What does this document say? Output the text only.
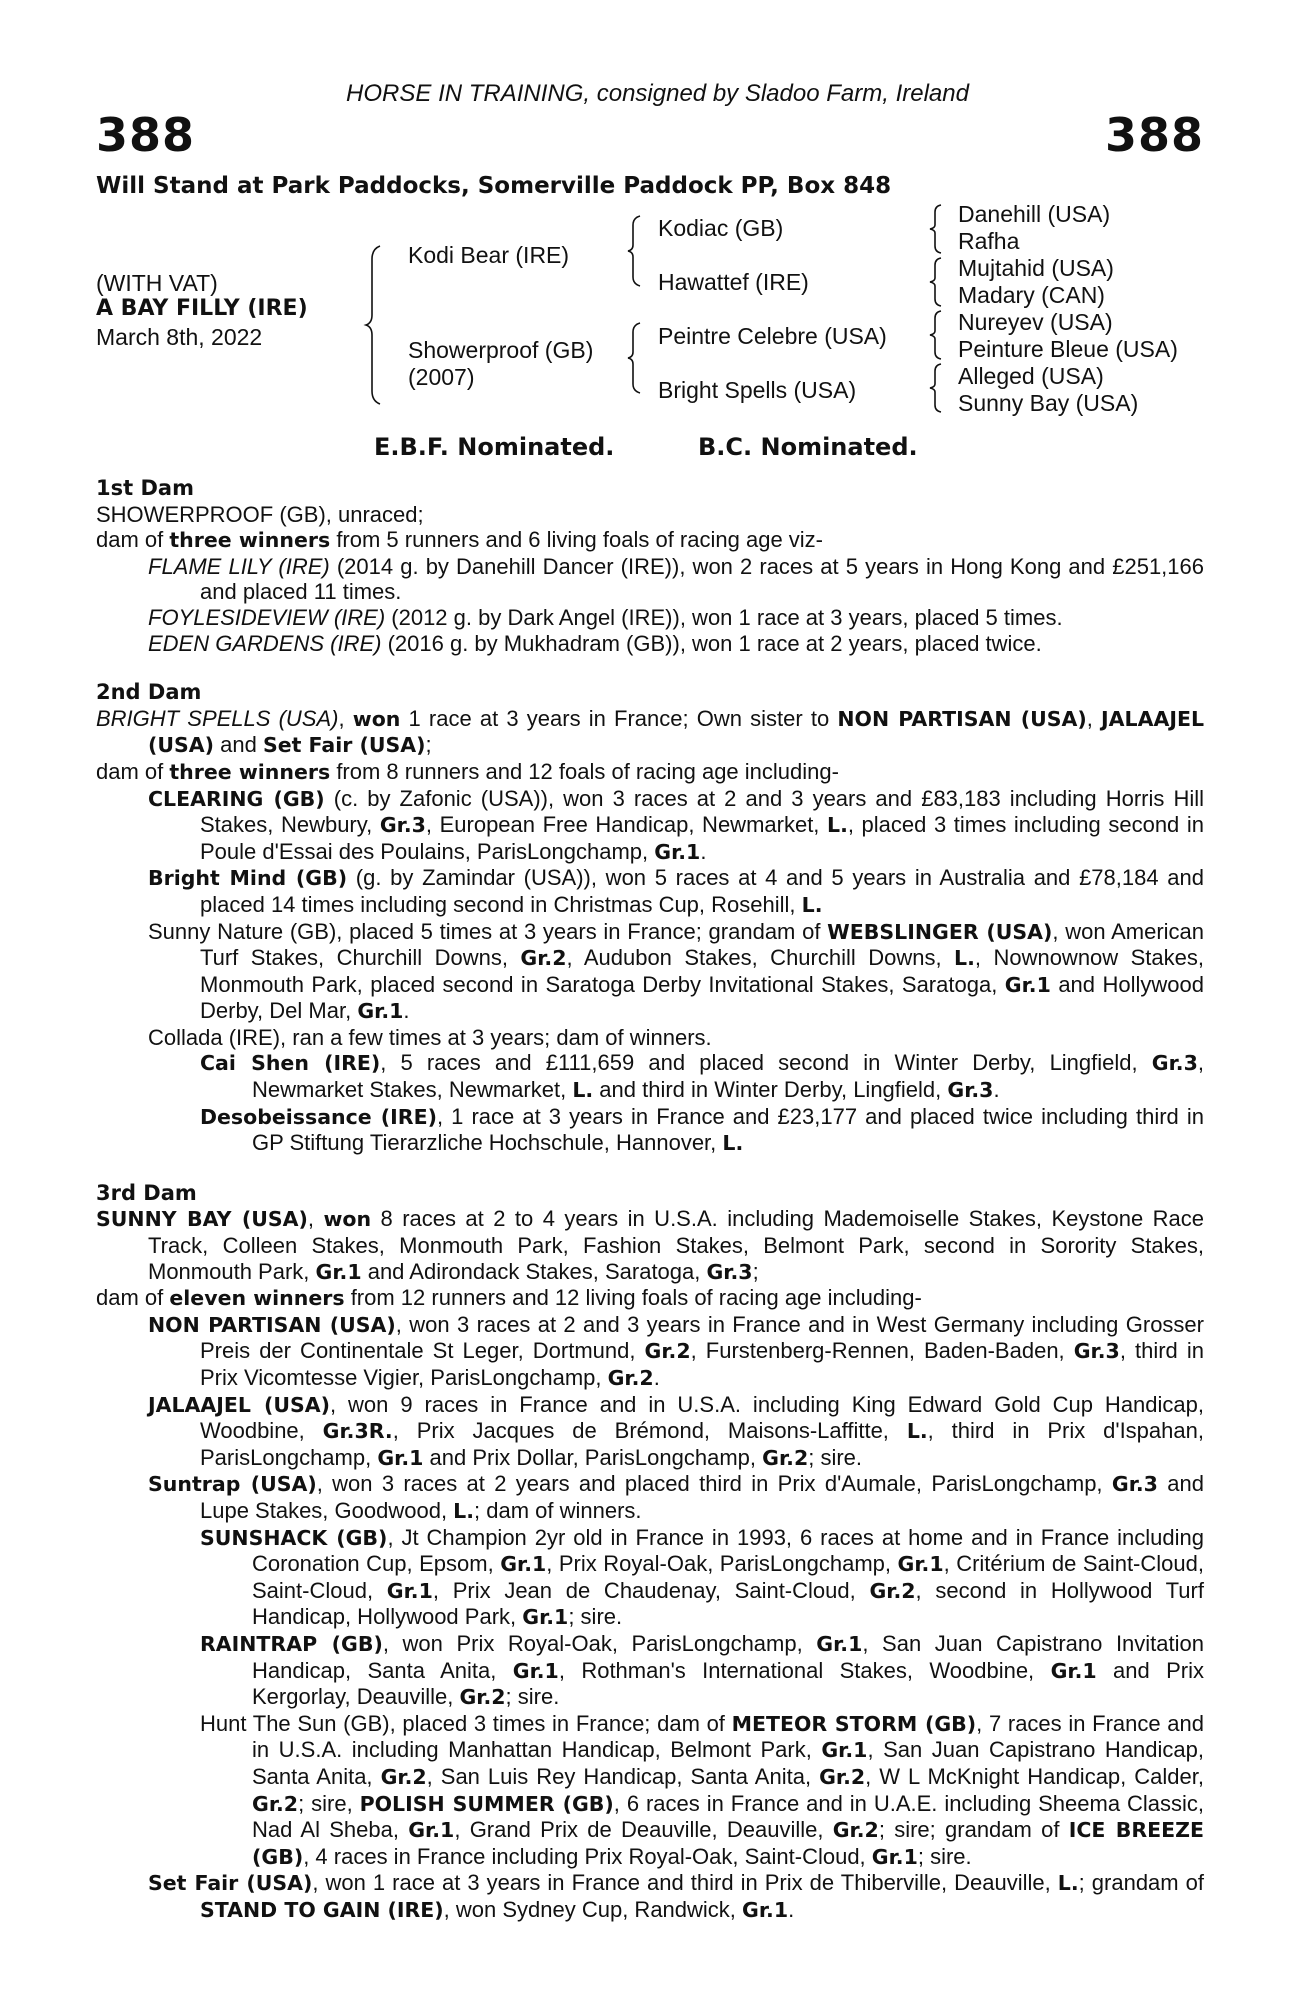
388	388
HORSE IN TRAINING, consigned by Sladoo Farm, Ireland
Will Stand at Park Paddocks, Somerville Paddock PP, Box 848
(WITH VAT)
A BAY FILLY (IRE)
March 8th, 2022
Kodi Bear (IRE)
Showerproof (GB)
(2007)
Kodiac (GB)
Hawattef (IRE)
Peintre Celebre (USA)
Bright Spells (USA)
Danehill (USA)
Rafha
Mujtahid (USA)
Madary (CAN)
Nureyev (USA)
Peinture Bleue (USA)
Alleged (USA)
Sunny Bay (USA)
E.B.F. Nominated.	B.C. Nominated.

1st Dam

SHOWERPROOF (GB), unraced;

dam of three winners from 5 runners and 6 living foals of racing age viz-

FLAME LILY (IRE) (2014 g. by Danehill Dancer (IRE)), won 2 races at 5 years in Hong Kong and £251,166 and placed 11 times.

FOYLESIDEVIEW (IRE) (2012 g. by Dark Angel (IRE)), won 1 race at 3 years, placed 5 times.

EDEN GARDENS (IRE) (2016 g. by Mukhadram (GB)), won 1 race at 2 years, placed twice.

2nd Dam

BRIGHT SPELLS (USA), won 1 race at 3 years in France; Own sister to NON PARTISAN (USA), JALAAJEL (USA) and Set Fair (USA);

dam of three winners from 8 runners and 12 foals of racing age including-

CLEARING (GB) (c. by Zafonic (USA)), won 3 races at 2 and 3 years and £83,183 including Horris Hill Stakes, Newbury, Gr.3, European Free Handicap, Newmarket, L., placed 3 times including second in Poule d'Essai des Poulains, ParisLongchamp, Gr.1.

Bright Mind (GB) (g. by Zamindar (USA)), won 5 races at 4 and 5 years in Australia and £78,184 and placed 14 times including second in Christmas Cup, Rosehill, L.

Sunny Nature (GB), placed 5 times at 3 years in France; grandam of WEBSLINGER (USA), won American Turf Stakes, Churchill Downs, Gr.2, Audubon Stakes, Churchill Downs, L., Nownownow Stakes, Monmouth Park, placed second in Saratoga Derby Invitational Stakes, Saratoga, Gr.1 and Hollywood Derby, Del Mar, Gr.1.

Collada (IRE), ran a few times at 3 years; dam of winners.

Cai Shen (IRE), 5 races and £111,659 and placed second in Winter Derby, Lingfield, Gr.3, Newmarket Stakes, Newmarket, L. and third in Winter Derby, Lingfield, Gr.3.

Desobeissance (IRE), 1 race at 3 years in France and £23,177 and placed twice including third in GP Stiftung Tierarzliche Hochschule, Hannover, L.

3rd Dam

SUNNY BAY (USA), won 8 races at 2 to 4 years in U.S.A. including Mademoiselle Stakes, Keystone Race Track, Colleen Stakes, Monmouth Park, Fashion Stakes, Belmont Park, second in Sorority Stakes, Monmouth Park, Gr.1 and Adirondack Stakes, Saratoga, Gr.3;

dam of eleven winners from 12 runners and 12 living foals of racing age including-

NON PARTISAN (USA), won 3 races at 2 and 3 years in France and in West Germany including Grosser Preis der Continentale St Leger, Dortmund, Gr.2, Furstenberg-Rennen, Baden-Baden, Gr.3, third in Prix Vicomtesse Vigier, ParisLongchamp, Gr.2.

JALAAJEL (USA), won 9 races in France and in U.S.A. including King Edward Gold Cup Handicap, Woodbine, Gr.3R., Prix Jacques de Brémond, Maisons-Laffitte, L., third in Prix d'Ispahan, ParisLongchamp, Gr.1 and Prix Dollar, ParisLongchamp, Gr.2; sire.

Suntrap (USA), won 3 races at 2 years and placed third in Prix d'Aumale, ParisLongchamp, Gr.3 and Lupe Stakes, Goodwood, L.; dam of winners.

SUNSHACK (GB), Jt Champion 2yr old in France in 1993, 6 races at home and in France including Coronation Cup, Epsom, Gr.1, Prix Royal-Oak, ParisLongchamp, Gr.1, Critérium de Saint-Cloud, Saint-Cloud, Gr.1, Prix Jean de Chaudenay, Saint-Cloud, Gr.2, second in Hollywood Turf Handicap, Hollywood Park, Gr.1; sire.

RAINTRAP (GB), won Prix Royal-Oak, ParisLongchamp, Gr.1, San Juan Capistrano Invitation Handicap, Santa Anita, Gr.1, Rothman's International Stakes, Woodbine, Gr.1 and Prix Kergorlay, Deauville, Gr.2; sire.

Hunt The Sun (GB), placed 3 times in France; dam of METEOR STORM (GB), 7 races in France and in U.S.A. including Manhattan Handicap, Belmont Park, Gr.1, San Juan Capistrano Handicap, Santa Anita, Gr.2, San Luis Rey Handicap, Santa Anita, Gr.2, W L McKnight Handicap, Calder, Gr.2; sire, POLISH SUMMER (GB), 6 races in France and in U.A.E. including Sheema Classic, Nad Al Sheba, Gr.1, Grand Prix de Deauville, Deauville, Gr.2; sire; grandam of ICE BREEZE (GB), 4 races in France including Prix Royal-Oak, Saint-Cloud, Gr.1; sire.

Set Fair (USA), won 1 race at 3 years in France and third in Prix de Thiberville, Deauville, L.; grandam of STAND TO GAIN (IRE), won Sydney Cup, Randwick, Gr.1.
